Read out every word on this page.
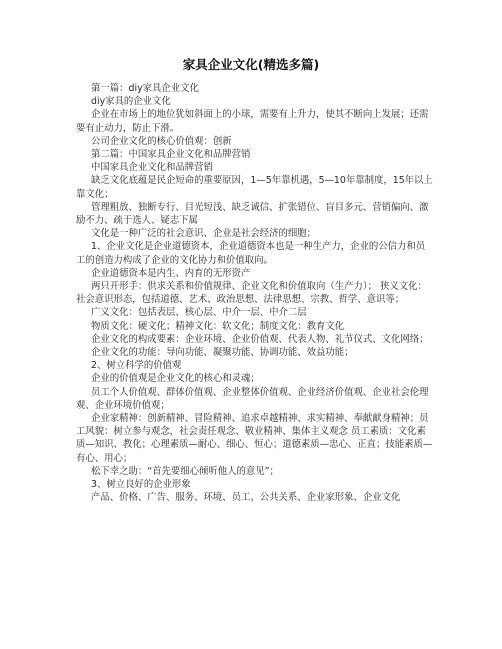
家具企业文化(精选多篇)

第一篇：diy家具企业文化

diy家具的企业文化

企业在市场上的地位犹如斜面上的小球，需要有上升力，使其不断向上发展；还需要有止动力，防止下滑。

公司企业文化的核心价值观：创新

第二篇：中国家具企业文化和品牌营销

中国家具企业文化和品牌营销

缺乏文化底蕴是民企短命的重要原因，1—5年靠机遇，5—10年靠制度，15年以上靠文化；

管理粗放、独断专行、目光短浅、缺乏诚信、扩张错位、盲目多元、营销偏向、激励不力、疏于选人、疑志下属

文化是一种广泛的社会意识、企业是社会经济的细胞；

1、企业文化是企业道德资本，企业道德资本也是一种生产力，企业的公信力和员工的创造力构成了企业的文化协力和价值取向。

企业道德资本是内生、内育的无形资产

两只开形手：供求关系和价值规律、企业文化和价值取向（生产力）； 狭义文化：社会意识形态，包括道德、艺术、政治思想、法律思想、宗教、哲学、意识等；

广义文化：包括表层、核心层、中介一层、中介二层

物质文化：硬文化；精神文化：软文化；制度文化：教育文化

企业文化的构成要素：企业环境、企业价值观、代表人物、礼节仪式、文化网络；

企业文化的功能：导向功能、凝聚功能、协调功能、效益功能；

2、树立科学的价值观

企业的价值观是企业文化的核心和灵魂；

员工个人价值观、群体价值观、企业整体价值观、企业经济价值观、企业社会伦理观、企业环境价值观；

企业家精神：创新精神、冒险精神、追求卓越精神、求实精神、奉献献身精神；员工风貌：树立参与观念，社会责任观念、敬业精神、集体主义观念 员工素质：文化素质—知识、教化；心理素质—耐心、细心、恒心；道德素质—忠心、正直；技能素质—有心、用心；

松下幸之助：“首先要细心倾听他人的意见”；

3、树立良好的企业形象

产品、价格、广告、服务、环境、员工、公共关系、企业家形象、企业文化
